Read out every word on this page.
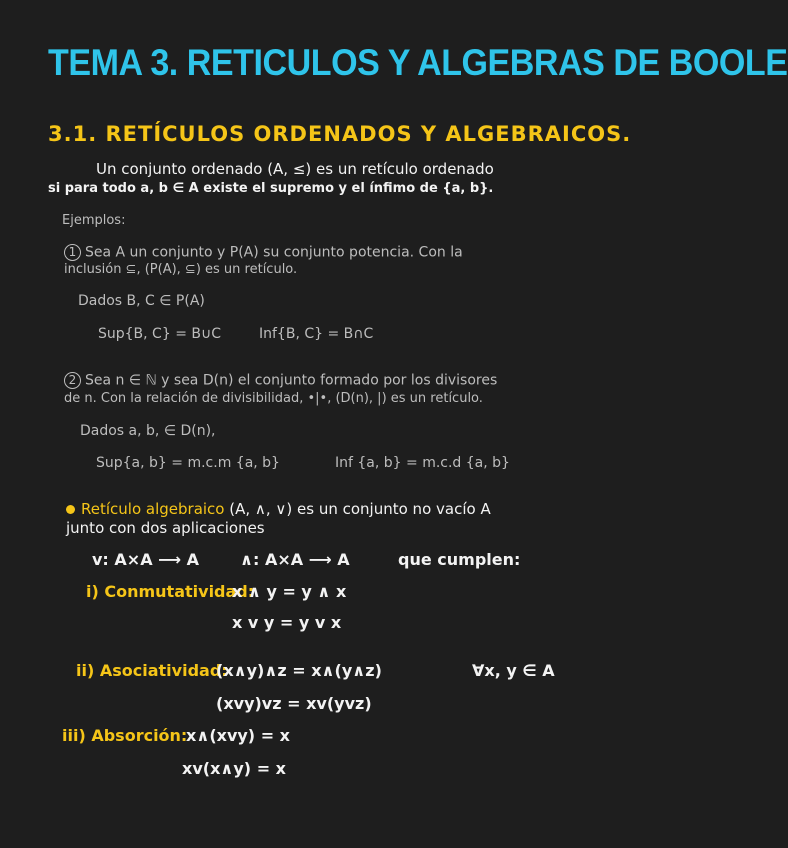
TEMA 3. RETICULOS Y ALGEBRAS DE BOOLE
3.1. RETÍCULOS ORDENADOS Y ALGEBRAICOS.
Un conjunto ordenado (A, ≤) es un retículo ordenado
si para todo a, b ∈ A existe el supremo y el ínfimo de {a, b}.
Ejemplos:
1 Sea A un conjunto y P(A) su conjunto potencia. Con la
inclusión ⊆, (P(A), ⊆) es un retículo.
Dados B, C ∈ P(A)
Sup{B, C} = B∪C	Inf{B, C} = B∩C
2 Sea n ∈ ℕ y sea D(n) el conjunto formado por los divisores
de n. Con la relación de divisibilidad, •|•, (D(n), |) es un retículo.
Dados a, b, ∈ D(n),
Sup{a, b} = m.c.m {a, b}	Inf {a, b} = m.c.d {a, b}
Retículo algebraico (A, ∧, ∨) es un conjunto no vacío A
junto con dos aplicaciones
v: A×A ⟶ A	∧: A×A ⟶ A	que cumplen:
i) Conmutatividad:
x ∧ y = y ∧ x
x v y = y v x
ii) Asociatividad:
(x∧y)∧z = x∧(y∧z)
(xvy)vz = xv(yvz)
∀x, y ∈ A
iii) Absorción:
x∧(xvy) = x
xv(x∧y) = x
